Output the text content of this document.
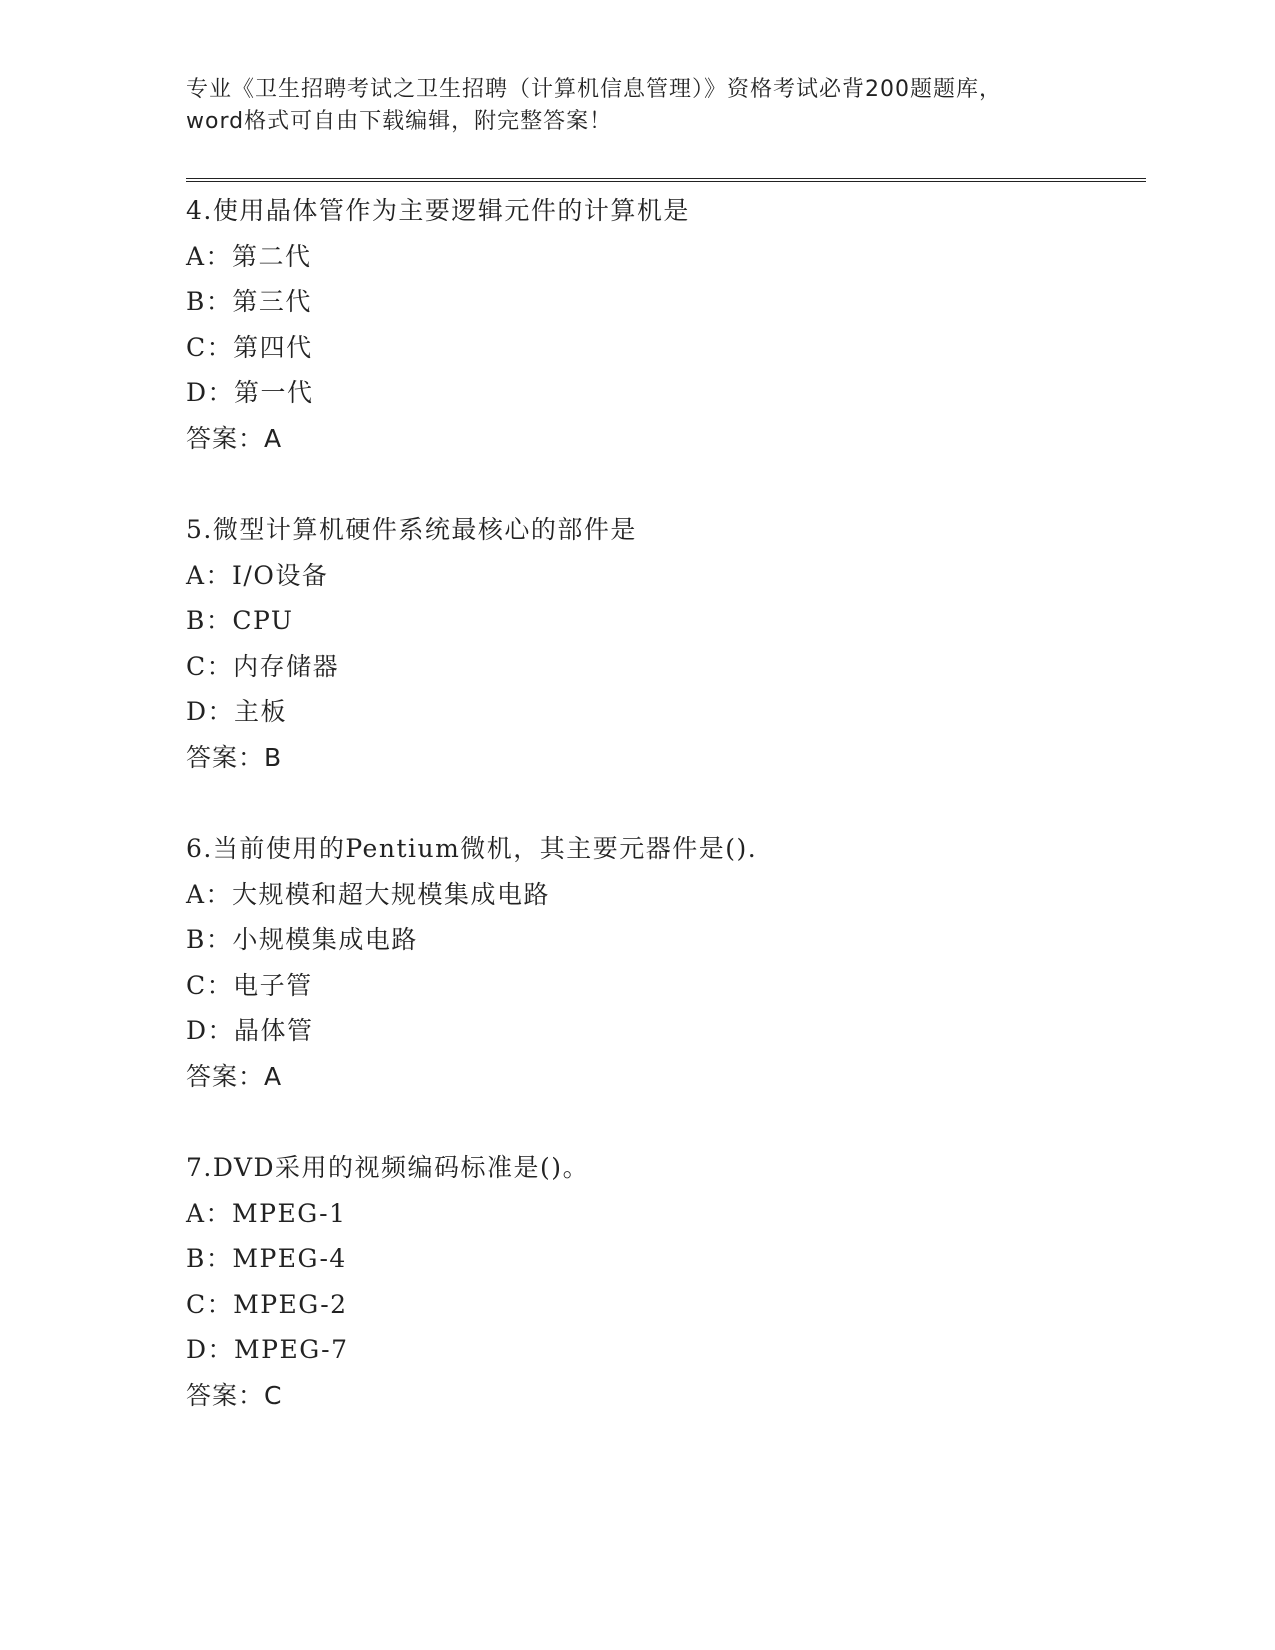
专业《卫生招聘考试之卫生招聘（计算机信息管理）》资格考试必背200题题库，
word格式可自由下载编辑，附完整答案！
4.使用晶体管作为主要逻辑元件的计算机是
A：第二代
B：第三代
C：第四代
D：第一代
答案：A
5.微型计算机硬件系统最核心的部件是
A：I/O设备
B：CPU
C：内存储器
D：主板
答案：B
6.当前使用的Pentium微机，其主要元器件是().
A：大规模和超大规模集成电路
B：小规模集成电路
C：电子管
D：晶体管
答案：A
7.DVD采用的视频编码标准是()。
A：MPEG-1
B：MPEG-4
C：MPEG-2
D：MPEG-7
答案：C
